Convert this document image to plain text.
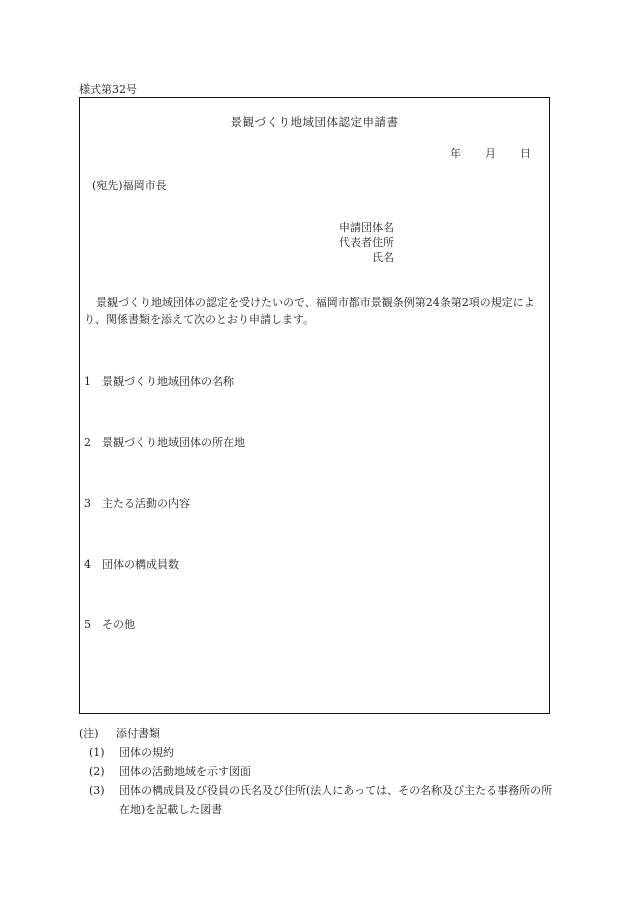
様式第32号
景観づくり地域団体認定申請書
年 月 日
(宛先)福岡市長
申請団体名
代表者住所
氏名
景観づくり地域団体の認定を受けたいので、福岡市都市景観条例第24条第2項の規定により、関係書類を添えて次のとおり申請します。
1 景観づくり地域団体の名称
2 景観づくり地域団体の所在地
3 主たる活動の内容
4 団体の構成員数
5 その他
(注)	添付書類
(1)	団体の規約
(2)	団体の活動地域を示す図面
(3)	団体の構成員及び役員の氏名及び住所(法人にあっては、その名称及び主たる事務所の所在地)を記載した図書
